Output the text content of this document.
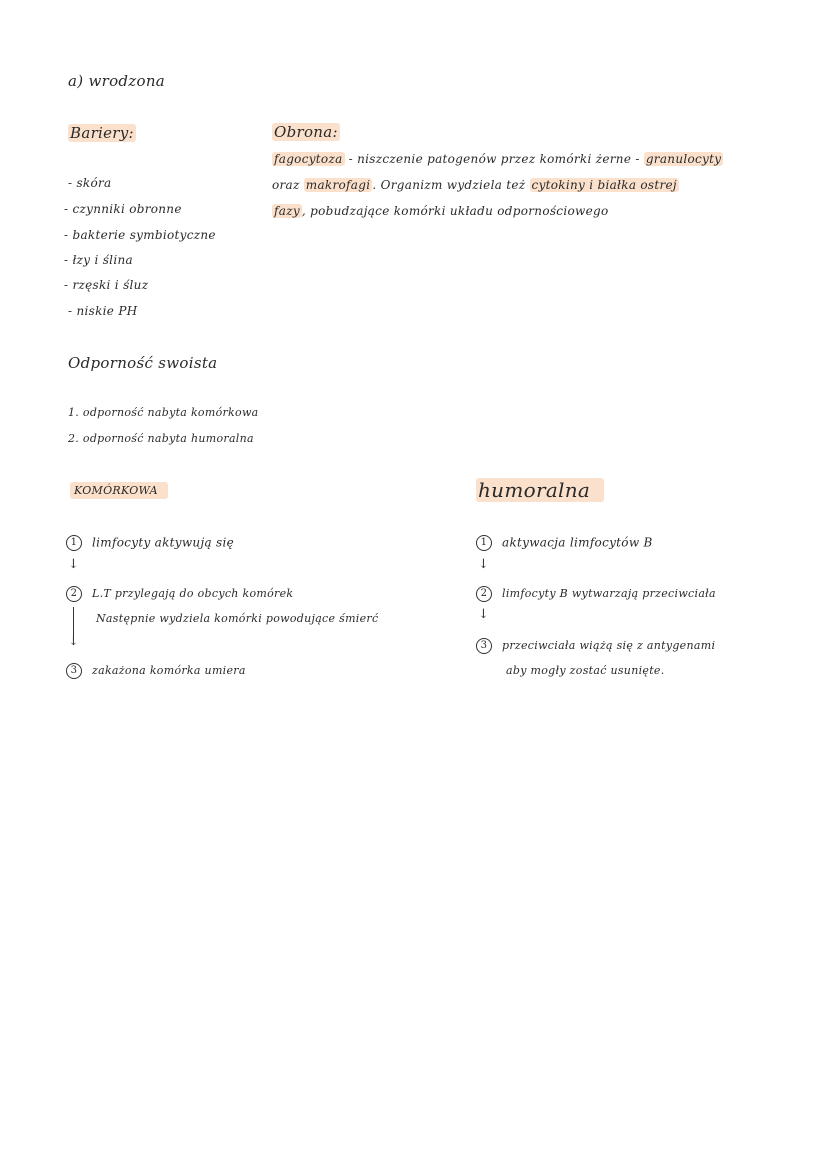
a) wrodzona
Bariery:
- skóra
- czynniki obronne
- bakterie symbiotyczne
- łzy i ślina
- rzęski i śluz
- niskie PH
Obrona:
fagocytoza - niszczenie patogenów przez komórki żerne - granulocyty
oraz makrofagi . Organizm wydziela też cytokiny i białka ostrej
fazy , pobudzające komórki układu odpornościowego
Odporność swoista
1. odporność nabyta komórkowa
2. odporność nabyta humoralna
KOMÓRKOWA
1 limfocyty aktywują się
↓
2 L.T przylegają do obcych komórek
↓
Następnie wydziela komórki powodujące śmierć
3 zakażona komórka umiera
humoralna
1 aktywacja limfocytów B
↓
2 limfocyty B wytwarzają przeciwciała
↓
3 przeciwciała wiążą się z antygenami
aby mogły zostać usunięte.
